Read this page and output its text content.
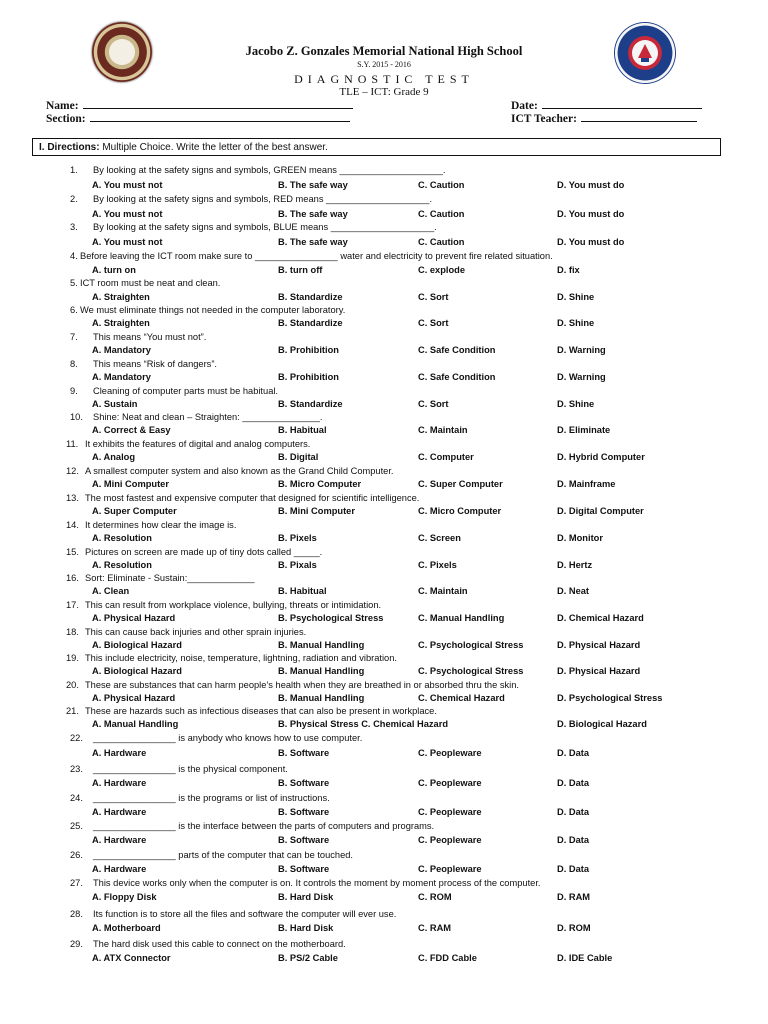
Jacobo Z. Gonzales Memorial National High School
S.Y. 2015 - 2016
DIAGNOSTIC TEST
TLE – ICT: Grade 9
Name:
Section:
Date:
ICT Teacher:
I. Directions: Multiple Choice. Write the letter of the best answer.
1. By looking at the safety signs and symbols, GREEN means ____________________.
A. You must not	B. The safe way	C. Caution	D. You must do
2. By looking at the safety signs and symbols, RED means ____________________.
A. You must not	B. The safe way	C. Caution	D. You must do
3. By looking at the safety signs and symbols, BLUE means ____________________.
A. You must not	B. The safe way	C. Caution	D. You must do
4. Before leaving the ICT room make sure to ________________ water and electricity to prevent fire related situation.
A. turn on	B. turn off	C. explode	D. fix
5. ICT room must be neat and clean.
A. Straighten	B. Standardize	C. Sort	D. Shine
6. We must eliminate things not needed in the computer laboratory.
A. Straighten	B. Standardize	C. Sort	D. Shine
7. This means “You must not”.
A. Mandatory	B. Prohibition	C. Safe Condition	D. Warning
8. This means “Risk of dangers”.
A. Mandatory	B. Prohibition	C. Safe Condition	D. Warning
9. Cleaning of computer parts must be habitual.
A. Sustain	B. Standardize	C. Sort	D. Shine
10. Shine: Neat and clean – Straighten: _______________.
A. Correct & Easy	B. Habitual	C. Maintain	D. Eliminate
11. It exhibits the features of digital and analog computers.
A. Analog	B. Digital	C. Computer	D. Hybrid Computer
12. A smallest computer system and also known as the Grand Child Computer.
A. Mini Computer	B. Micro Computer	C. Super Computer	D. Mainframe
13. The most fastest and expensive computer that designed for scientific intelligence.
A. Super Computer	B. Mini Computer	C. Micro Computer	D. Digital Computer
14. It determines how clear the image is.
A. Resolution	B. Pixels	C. Screen	D. Monitor
15. Pictures on screen are made up of tiny dots called _____.
A. Resolution	B. Pixals	C. Pixels	D. Hertz
16. Sort: Eliminate - Sustain:_____________
A. Clean	B. Habitual	C. Maintain	D. Neat
17. This can result from workplace violence, bullying, threats or intimidation.
A. Physical Hazard	B. Psychological Stress	C. Manual Handling	D. Chemical Hazard
18. This can cause back injuries and other sprain injuries.
A. Biological Hazard	B. Manual Handling	C. Psychological Stress	D. Physical Hazard
19. This include electricity, noise, temperature, lightning, radiation and vibration.
A. Biological Hazard	B. Manual Handling	C. Psychological Stress	D. Physical Hazard
20. These are substances that can harm people’s health when they are breathed in or absorbed thru the skin.
A. Physical Hazard	B. Manual Handling	C. Chemical Hazard	D. Psychological Stress
21. These are hazards such as infectious diseases that can also be present in workplace.
A. Manual Handling	B. Physical Stress C. Chemical Hazard	D. Biological Hazard
22. ________________ is anybody who knows how to use computer.
A. Hardware	B. Software	C. Peopleware	D. Data
23. ________________ is the physical component.
A. Hardware	B. Software	C. Peopleware	D. Data
24. ________________ is the programs or list of instructions.
A. Hardware	B. Software	C. Peopleware	D. Data
25. ________________ is the interface between the parts of computers and programs.
A. Hardware	B. Software	C. Peopleware	D. Data
26. ________________ parts of the computer that can be touched.
A. Hardware	B. Software	C. Peopleware	D. Data
27. This device works only when the computer is on. It controls the moment by moment process of the computer.
A. Floppy Disk	B. Hard Disk	C. ROM	D. RAM
28. Its function is to store all the files and software the computer will ever use.
A. Motherboard	B. Hard Disk	C. RAM	D. ROM
29. The hard disk used this cable to connect on the motherboard.
A. ATX Connector	B. PS/2 Cable	C. FDD Cable	D. IDE Cable
